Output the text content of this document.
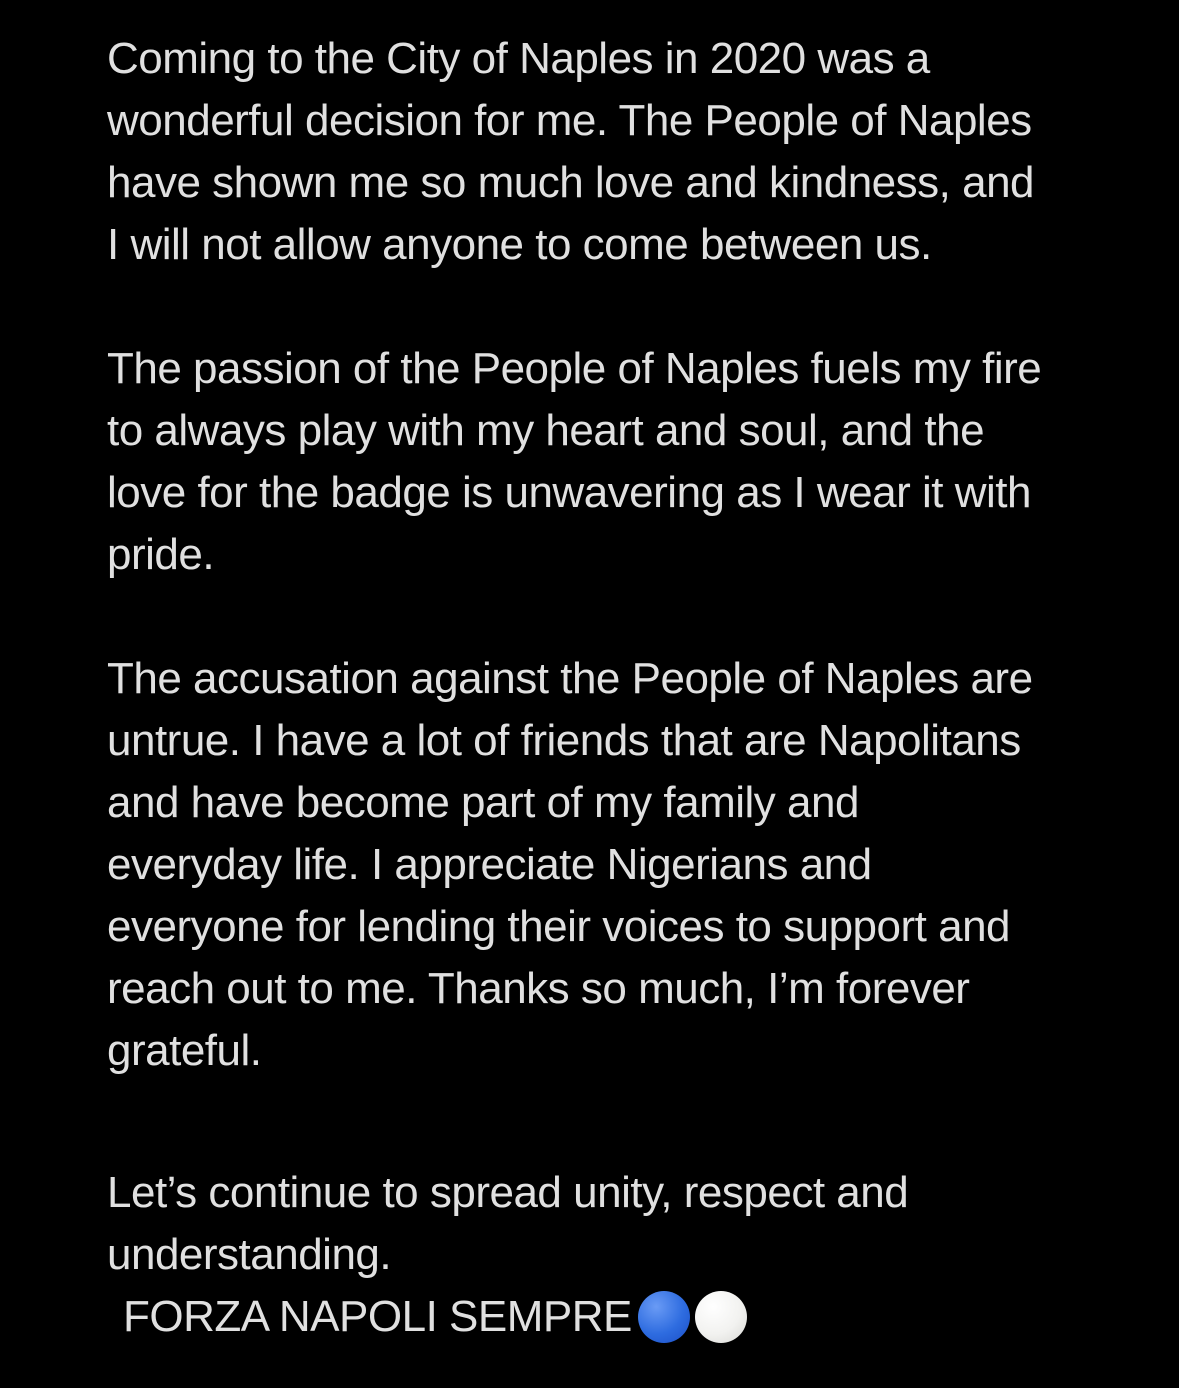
Coming to the City of Naples in 2020 was a
wonderful decision for me. The People of Naples
have shown me so much love and kindness, and
I will not allow anyone to come between us.
The passion of the People of Naples fuels my fire
to always play with my heart and soul, and the
love for the badge is unwavering as I wear it with
pride.
The accusation against the People of Naples are
untrue. I have a lot of friends that are Napolitans
and have become part of my family and
everyday life. I appreciate Nigerians and
everyone for lending their voices to support and
reach out to me. Thanks so much, I’m forever
grateful.
Let’s continue to spread unity, respect and
understanding.
FORZA NAPOLI SEMPRE
